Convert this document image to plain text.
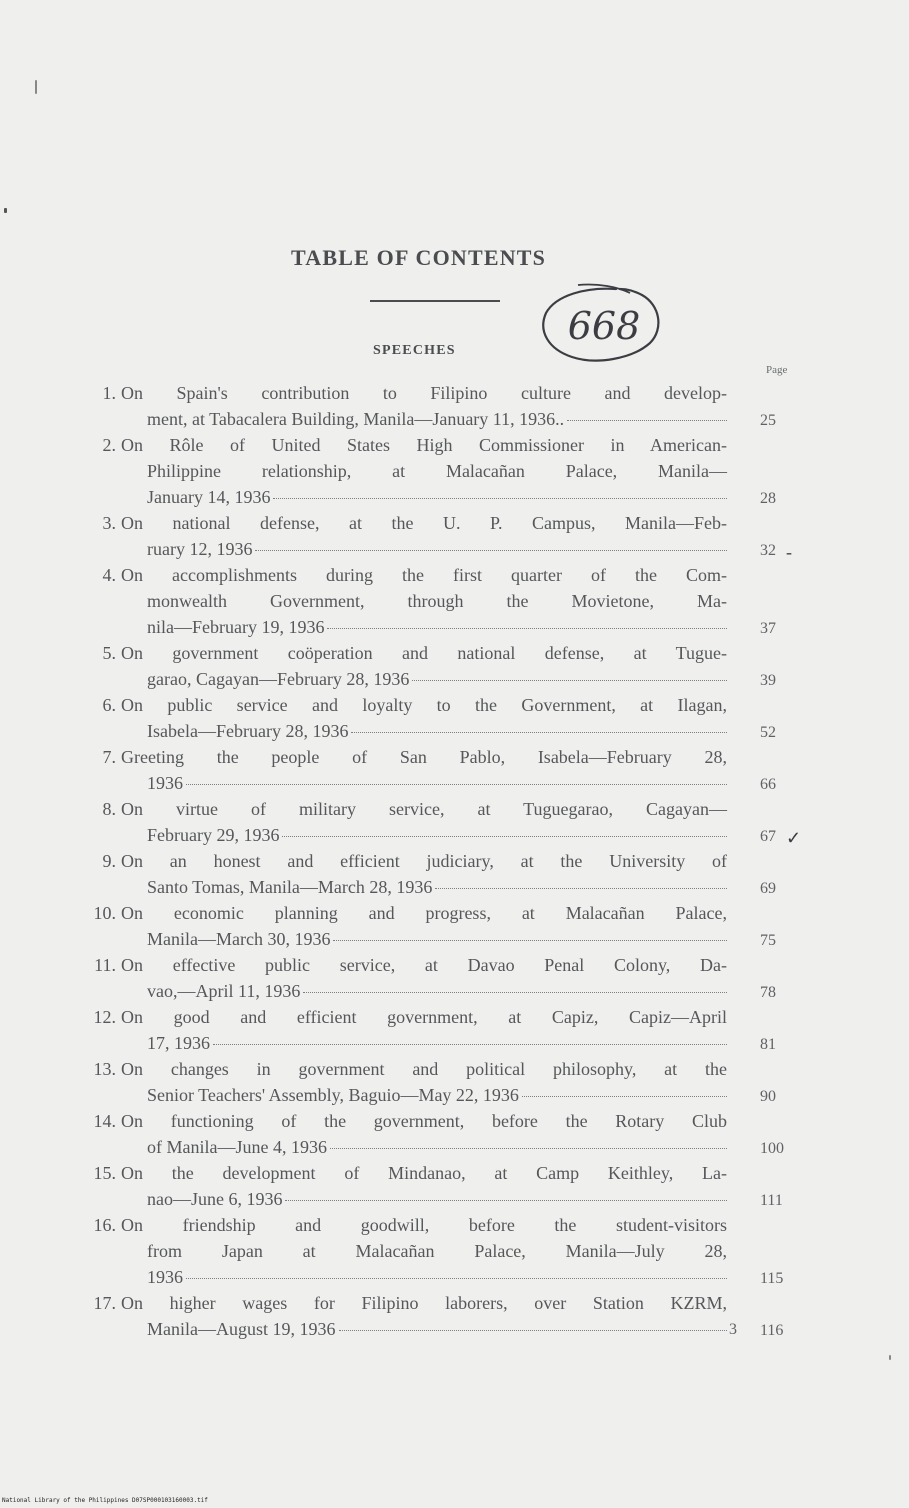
TABLE OF CONTENTS
668
SPEECHES
Page
1. On Spain's contribution to Filipino culture and develop-
ment, at Tabacalera Building, Manila—January 11, 1936..	25
2. On Rôle of United States High Commissioner in American-
Philippine relationship, at Malacañan Palace, Manila—
January 14, 1936	28
3. On national defense, at the U. P. Campus, Manila—Feb-
ruary 12, 1936	32 -
4. On accomplishments during the first quarter of the Com-
monwealth Government, through the Movietone, Ma-
nila—February 19, 1936	37
5. On government coöperation and national defense, at Tugue-
garao, Cagayan—February 28, 1936	39
6. On public service and loyalty to the Government, at Ilagan,
Isabela—February 28, 1936	52
7. Greeting the people of San Pablo, Isabela—February 28,
1936	66
8. On virtue of military service, at Tuguegarao, Cagayan—
February 29, 1936	67 ✓
9. On an honest and efficient judiciary, at the University of
Santo Tomas, Manila—March 28, 1936	69
10. On economic planning and progress, at Malacañan Palace,
Manila—March 30, 1936	75
11. On effective public service, at Davao Penal Colony, Da-
vao,—April 11, 1936	78
12. On good and efficient government, at Capiz, Capiz—April
17, 1936	81
13. On changes in government and political philosophy, at the
Senior Teachers' Assembly, Baguio—May 22, 1936	90
14. On functioning of the government, before the Rotary Club
of Manila—June 4, 1936	100
15. On the development of Mindanao, at Camp Keithley, La-
nao—June 6, 1936	111
16. On friendship and goodwill, before the student-visitors
from Japan at Malacañan Palace, Manila—July 28,
1936	115
17. On higher wages for Filipino laborers, over Station KZRM,
Manila—August 19, 1936	116
3
National Library of the Philippines D07SP000103160003.tif
